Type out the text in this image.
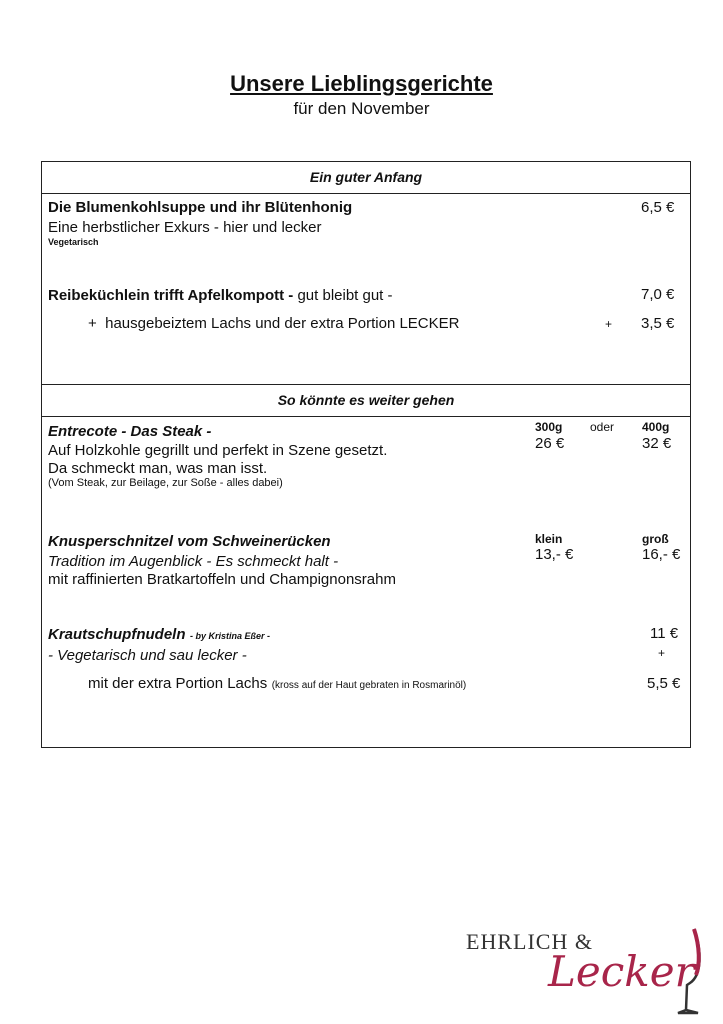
Unsere Lieblingsgerichte
für den November
Ein guter Anfang
Die Blumenkohlsuppe und ihr Blütenhonig
Eine herbstlicher Exkurs - hier und lecker
Vegetarisch
6,5 €
Reibeküchlein trifft Apfelkompott - gut bleibt gut -	7,0 €
+ hausgebeiztem Lachs und der extra Portion LECKER	+ 3,5 €
So könnte es weiter gehen
Entrecote - Das Steak -
Auf Holzkohle gegrillt und perfekt in Szene gesetzt.
Da schmeckt man, was man isst.
(Vom Steak, zur Beilage, zur Soße - alles dabei)
300g oder 400g
26 €	32 €
Knusperschnitzel vom Schweinerücken
Tradition im Augenblick - Es schmeckt halt -
mit raffinierten Bratkartoffeln und Champignonsrahm
klein	groß
13,- €	16,- €
Krautschupfnudeln - by Kristina Eßer -
- Vegetarisch und sau lecker -
11 €
+
mit der extra Portion Lachs (kross auf der Haut gebraten in Rosmarinöl)	5,5 €
EHRLICH &
Lecker
